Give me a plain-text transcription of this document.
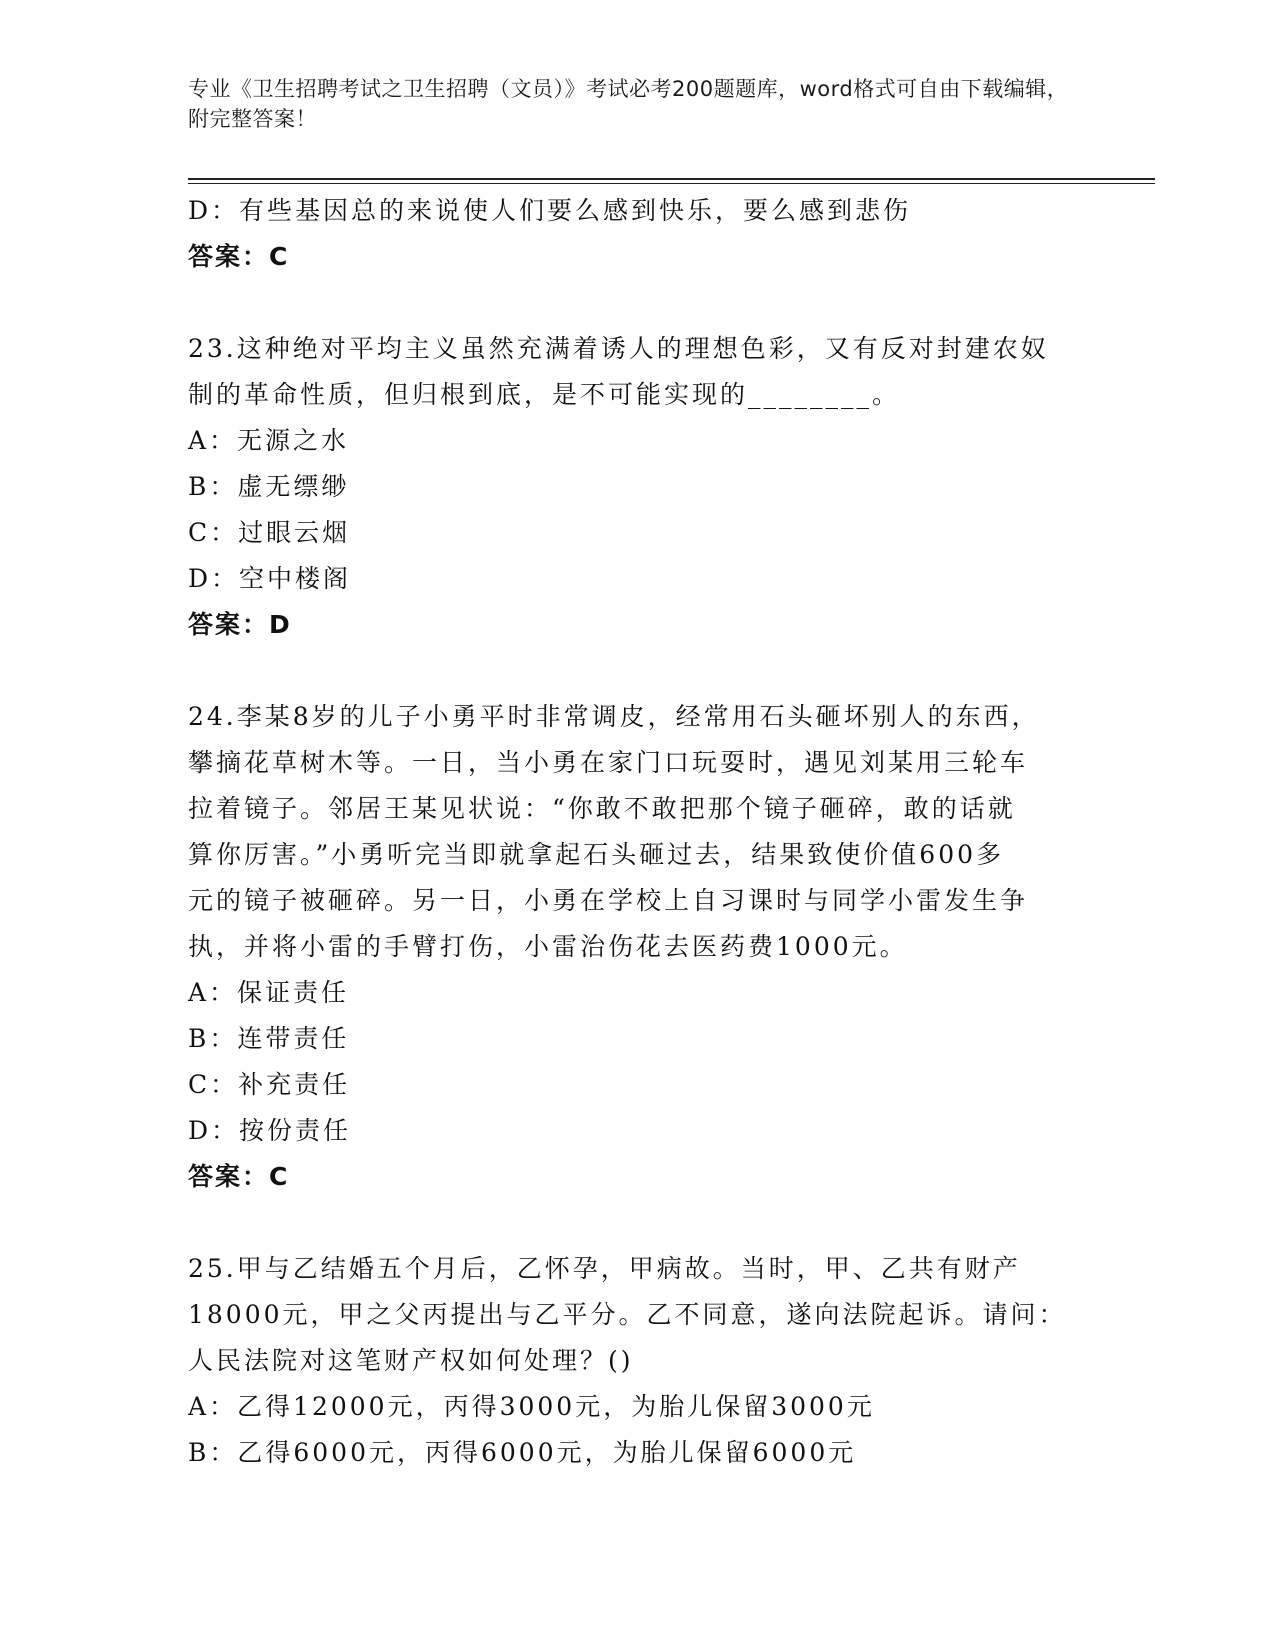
专业《卫生招聘考试之卫生招聘（文员）》考试必考200题题库，word格式可自由下载编辑，附完整答案！

D：有些基因总的来说使人们要么感到快乐，要么感到悲伤

答案：C

23.这种绝对平均主义虽然充满着诱人的理想色彩，又有反对封建农奴

制的革命性质，但归根到底，是不可能实现的________。

A：无源之水

B：虚无缥缈

C：过眼云烟

D：空中楼阁

答案：D

24.李某8岁的儿子小勇平时非常调皮，经常用石头砸坏别人的东西，

攀摘花草树木等。一日，当小勇在家门口玩耍时，遇见刘某用三轮车

拉着镜子。邻居王某见状说：“你敢不敢把那个镜子砸碎，敢的话就

算你厉害。”小勇听完当即就拿起石头砸过去，结果致使价值600多

元的镜子被砸碎。另一日，小勇在学校上自习课时与同学小雷发生争

执，并将小雷的手臂打伤，小雷治伤花去医药费1000元。

A：保证责任

B：连带责任

C：补充责任

D：按份责任

答案：C

25.甲与乙结婚五个月后，乙怀孕，甲病故。当时，甲、乙共有财产

18000元，甲之父丙提出与乙平分。乙不同意，遂向法院起诉。请问：

人民法院对这笔财产权如何处理？()

A：乙得12000元，丙得3000元，为胎儿保留3000元

B：乙得6000元，丙得6000元，为胎儿保留6000元
